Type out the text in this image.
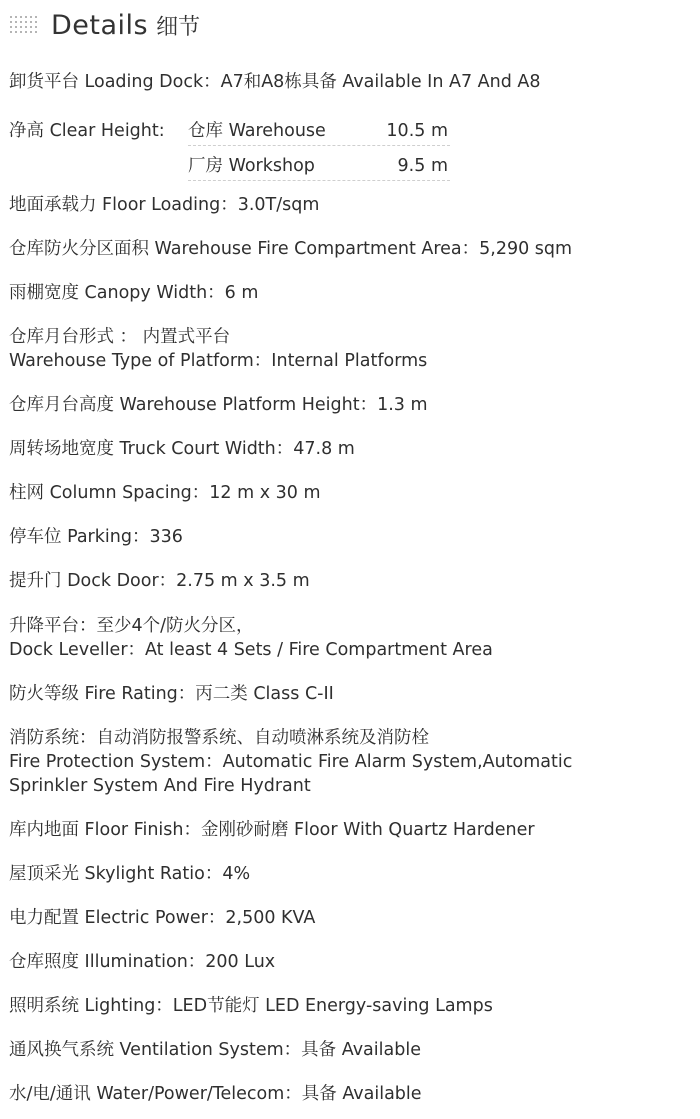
Details 细节
卸货平台 Loading Dock：A7和A8栋具备 Available In A7 And A8
净高 Clear Height: 仓库 Warehouse	10.5 m
厂房 Workshop	9.5 m
地面承载力 Floor Loading：3.0T/sqm
仓库防火分区面积 Warehouse Fire Compartment Area：5,290 sqm
雨棚宽度 Canopy Width：6 m
仓库月台形式 ： 内置式平台
Warehouse Type of Platform：Internal Platforms
仓库月台高度 Warehouse Platform Height：1.3 m
周转场地宽度 Truck Court Width：47.8 m
柱网 Column Spacing：12 m x 30 m
停车位 Parking：336
提升门 Dock Door：2.75 m x 3.5 m
升降平台：至少4个/防火分区，
Dock Leveller：At least 4 Sets / Fire Compartment Area
防火等级 Fire Rating：丙二类 Class C-II
消防系统：自动消防报警系统、自动喷淋系统及消防栓
Fire Protection System：Automatic Fire Alarm System,Automatic
Sprinkler System And Fire Hydrant
库内地面 Floor Finish：金刚砂耐磨 Floor With Quartz Hardener
屋顶采光 Skylight Ratio：4%
电力配置 Electric Power：2,500 KVA
仓库照度 Illumination：200 Lux
照明系统 Lighting：LED节能灯 LED Energy-saving Lamps
通风换气系统 Ventilation System：具备 Available
水/电/通讯 Water/Power/Telecom：具备 Available
